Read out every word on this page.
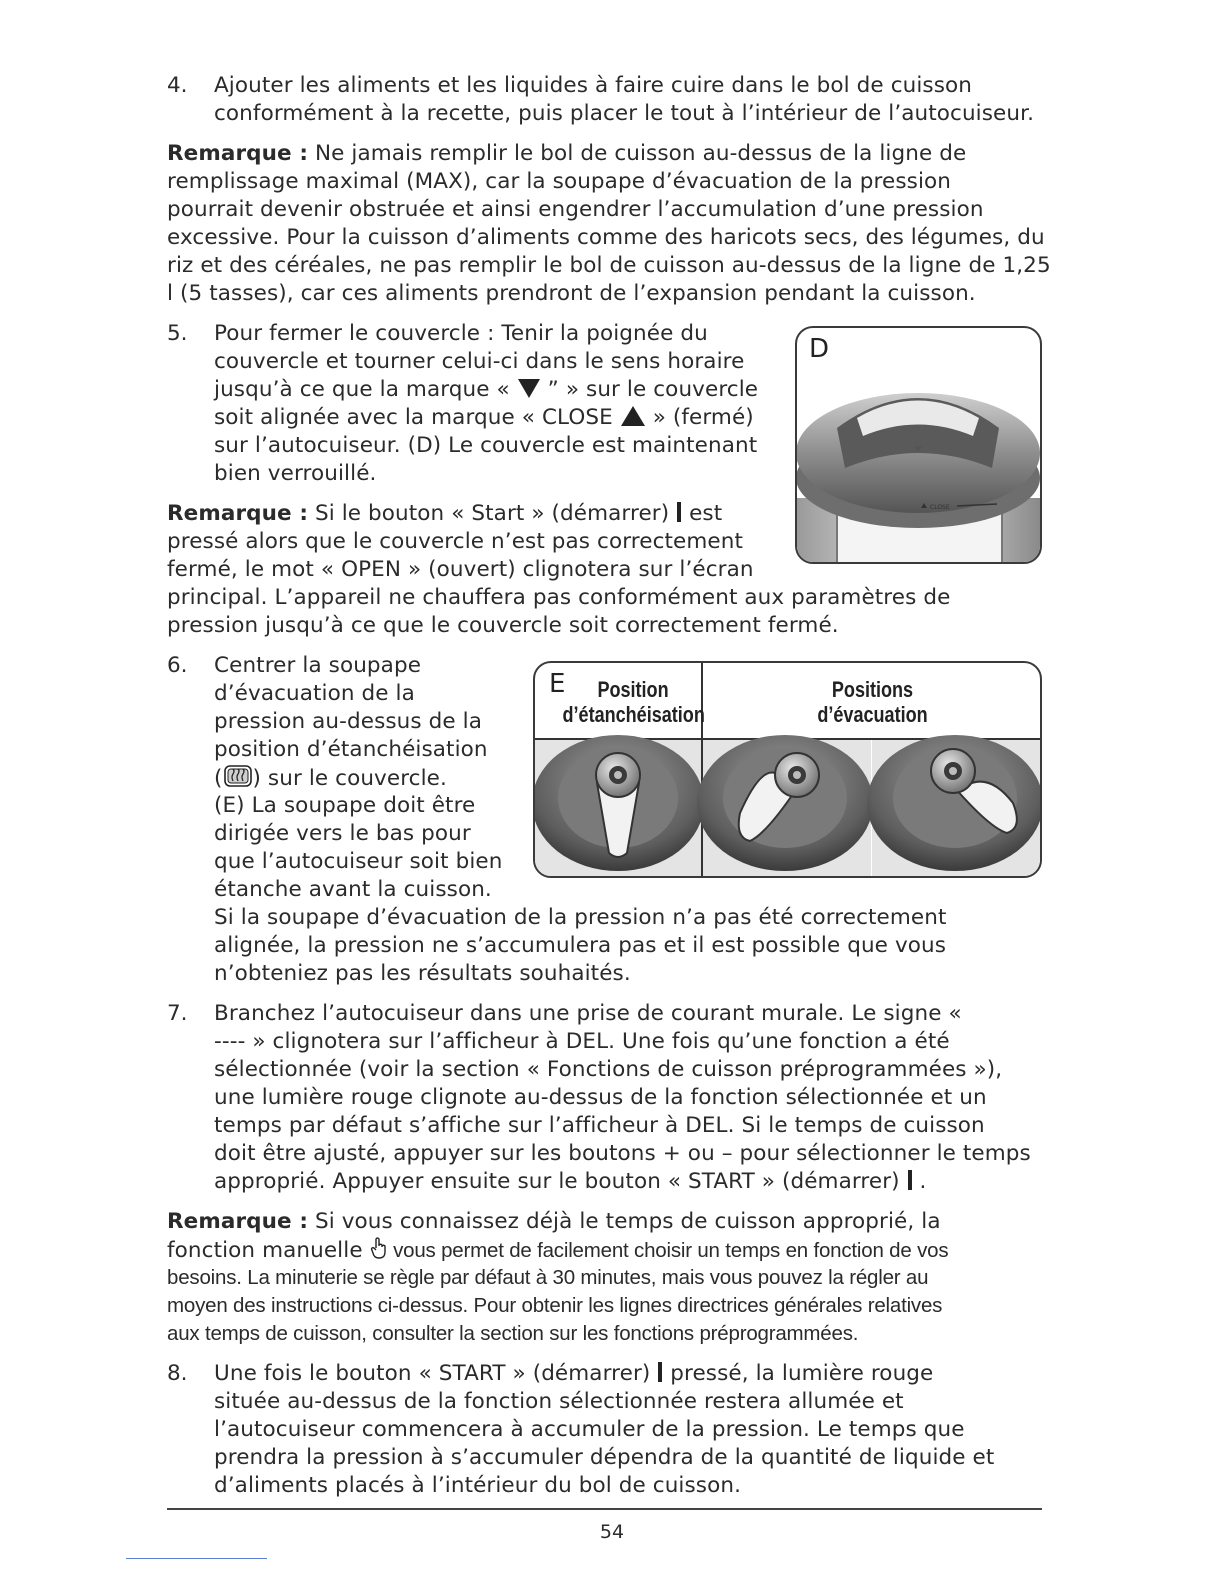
4. Ajouter les aliments et les liquides à faire cuire dans le bol de cuisson
conformément à la recette, puis placer le tout à l’intérieur de l’autocuiseur.
Remarque : Ne jamais remplir le bol de cuisson au-dessus de la ligne de
remplissage maximal (MAX), car la soupape d’évacuation de la pression
pourrait devenir obstruée et ainsi engendrer l’accumulation d’une pression
excessive. Pour la cuisson d’aliments comme des haricots secs, des légumes, du
riz et des céréales, ne pas remplir le bol de cuisson au-dessus de la ligne de 1,25
l (5 tasses), car ces aliments prendront de l’expansion pendant la cuisson.
5. Pour fermer le couvercle : Tenir la poignée du
couvercle et tourner celui-ci dans le sens horaire
jusqu’à ce que la marque «  ” » sur le couvercle
soit alignée avec la marque « CLOSE  » (fermé)
sur l’autocuiseur. (D) Le couvercle est maintenant
bien verrouillé.
CLOSE
D
Remarque : Si le bouton « Start » (démarrer)  est
pressé alors que le couvercle n’est pas correctement
fermé, le mot « OPEN » (ouvert) clignotera sur l’écran
principal. L’appareil ne chauffera pas conformément aux paramètres de
pression jusqu’à ce que le couvercle soit correctement fermé.
6. Centrer la soupape
d’évacuation de la
pression au-dessus de la
position d’étanchéisation
( ) sur le couvercle.
(E) La soupape doit être
dirigée vers le bas pour
que l’autocuiseur soit bien
étanche avant la cuisson.
Si la soupape d’évacuation de la pression n’a pas été correctement
alignée, la pression ne s’accumulera pas et il est possible que vous
n’obteniez pas les résultats souhaités.
E	Position
d’étanchéisation
Positions
d’évacuation
7. Branchez l’autocuiseur dans une prise de courant murale. Le signe «
---- » clignotera sur l’afficheur à DEL. Une fois qu’une fonction a été
sélectionnée (voir la section « Fonctions de cuisson préprogrammées »),
une lumière rouge clignote au-dessus de la fonction sélectionnée et un
temps par défaut s’affiche sur l’afficheur à DEL. Si le temps de cuisson
doit être ajusté, appuyer sur les boutons + ou – pour sélectionner le temps
approprié. Appuyer ensuite sur le bouton « START » (démarrer)  .
Remarque : Si vous connaissez déjà le temps de cuisson approprié, la
fonction manuelle  vous permet de facilement choisir un temps en fonction de vos
besoins. La minuterie se règle par défaut à 30 minutes, mais vous pouvez la régler au
moyen des instructions ci-dessus. Pour obtenir les lignes directrices générales relatives
aux temps de cuisson, consulter la section sur les fonctions préprogrammées.
8. Une fois le bouton « START » (démarrer)  pressé, la lumière rouge
située au-dessus de la fonction sélectionnée restera allumée et
l’autocuiseur commencera à accumuler de la pression. Le temps que
prendra la pression à s’accumuler dépendra de la quantité de liquide et
d’aliments placés à l’intérieur du bol de cuisson.
54
